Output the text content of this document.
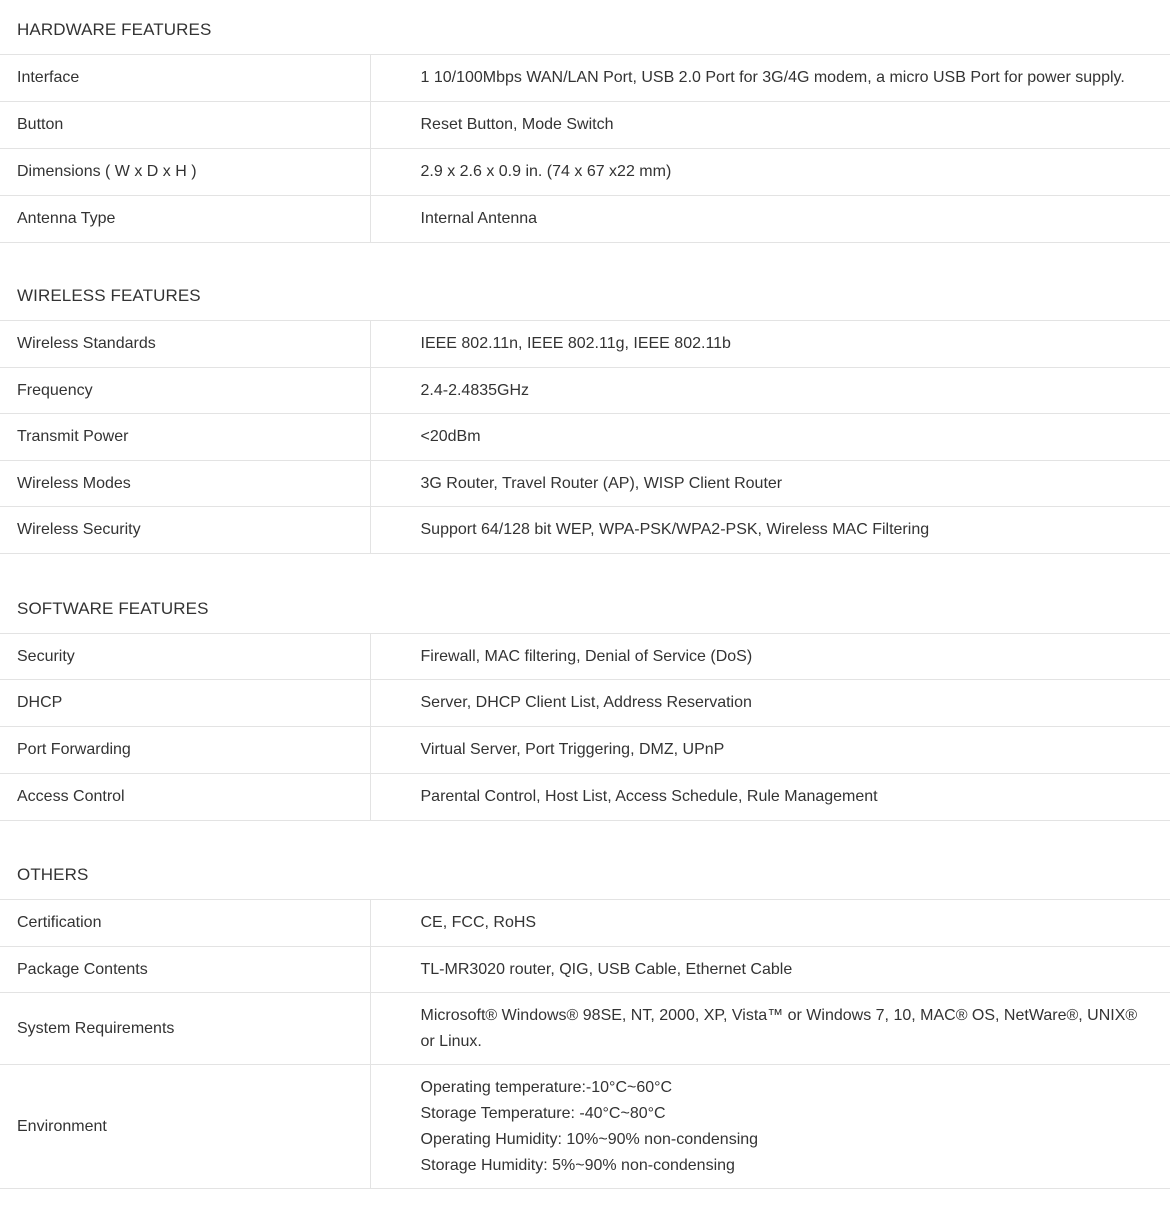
HARDWARE FEATURES
Interface	1 10/100Mbps WAN/LAN Port, USB 2.0 Port for 3G/4G modem, a micro USB Port for power supply.

Button	Reset Button, Mode Switch

Dimensions ( W x D x H )	2.9 x 2.6 x 0.9 in. (74 x 67 x22 mm)

Antenna Type	Internal Antenna
WIRELESS FEATURES
Wireless Standards	IEEE 802.11n, IEEE 802.11g, IEEE 802.11b

Frequency	2.4-2.4835GHz

Transmit Power	<20dBm

Wireless Modes	3G Router, Travel Router (AP), WISP Client Router

Wireless Security	Support 64/128 bit WEP, WPA-PSK/WPA2-PSK, Wireless MAC Filtering
SOFTWARE FEATURES
Security	Firewall, MAC filtering, Denial of Service (DoS)

DHCP	Server, DHCP Client List, Address Reservation

Port Forwarding	Virtual Server, Port Triggering, DMZ, UPnP

Access Control	Parental Control, Host List, Access Schedule, Rule Management
OTHERS
Certification	CE, FCC, RoHS

Package Contents	TL-MR3020 router, QIG, USB Cable, Ethernet Cable

System Requirements	Microsoft® Windows® 98SE, NT, 2000, XP, Vista™ or Windows 7, 10, MAC® OS, NetWare®, UNIX® or Linux.

Environment	Operating temperature:-10°C~60°C
Storage Temperature: -40°C~80°C
Operating Humidity: 10%~90% non-condensing
Storage Humidity: 5%~90% non-condensing
